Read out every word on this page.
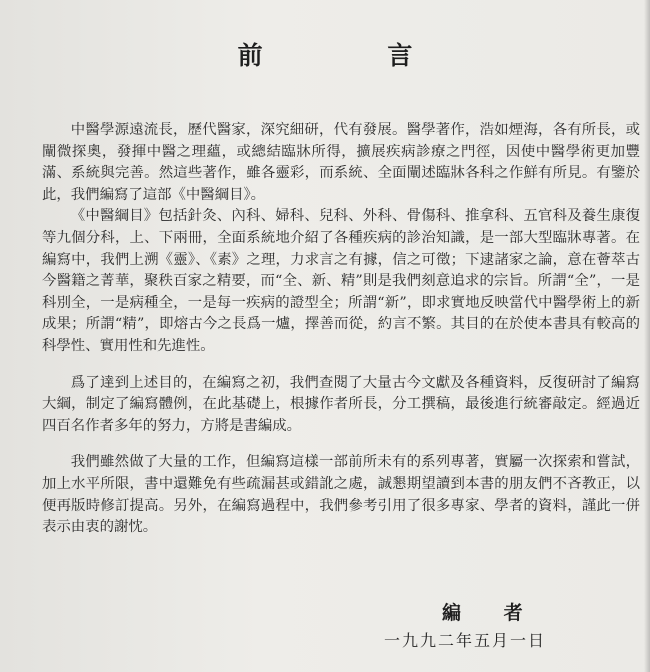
前 言

中醫學源遠流長，歷代醫家，深究細研，代有發展。醫學著作，浩如煙海，各有所長，或闡微探奧，發揮中醫之理蘊，或總結臨牀所得，擴展疾病診療之門徑，因使中醫學術更加豐滿、系統與完善。然這些著作，雖各靈彩，而系統、全面闡述臨牀各科之作鮮有所見。有鑒於此，我們編寫了這部《中醫綱目》。

《中醫綱目》包括針灸、內科、婦科、兒科、外科、骨傷科、推拿科、五官科及養生康復等九個分科，上、下兩冊，全面系統地介紹了各種疾病的診治知識，是一部大型臨牀專著。在編寫中，我們上溯《靈》、《素》之理，力求言之有據，信之可徵；下逮諸家之論，意在薈萃古今醫籍之菁華，聚秩百家之精要，而“全、新、精”則是我們刻意追求的宗旨。所謂“全”，一是科別全，一是病種全，一是每一疾病的證型全；所謂“新”，即求實地反映當代中醫學術上的新成果；所謂“精”，即熔古今之長爲一爐，擇善而從，約言不繁。其目的在於使本書具有較高的科學性、實用性和先進性。

爲了達到上述目的，在編寫之初，我們查閱了大量古今文獻及各種資料，反復研討了編寫大綱，制定了編寫體例，在此基礎上，根據作者所長，分工撰稿，最後進行統審敲定。經過近四百名作者多年的努力，方將是書編成。

我們雖然做了大量的工作，但編寫這樣一部前所未有的系列專著，實屬一次探索和嘗試，加上水平所限，書中還難免有些疏漏甚或錯訛之處，誠懇期望讀到本書的朋友們不吝教正，以便再版時修訂提高。另外，在編寫過程中，我們參考引用了很多專家、學者的資料，謹此一併表示由衷的謝忱。

編 者
一九九二年五月一日
